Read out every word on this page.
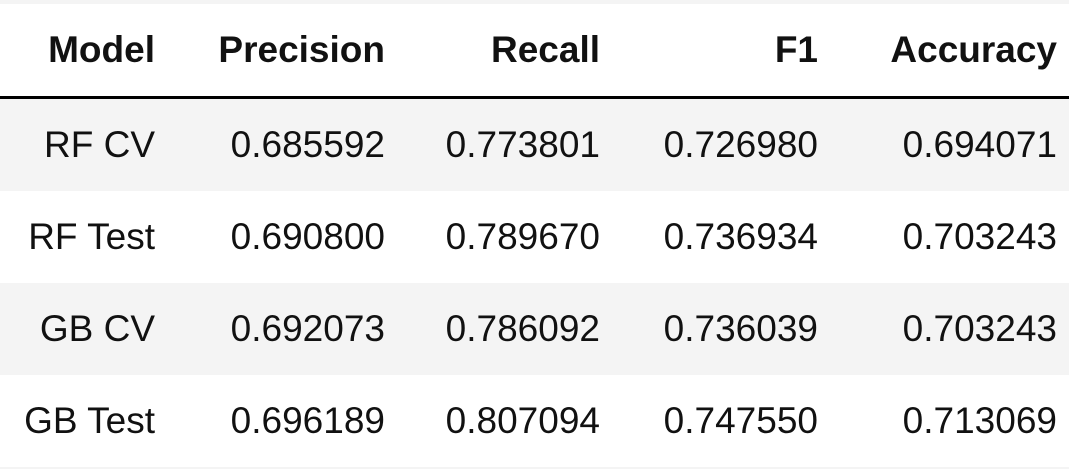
Model	Precision	Recall	F1	Accuracy
RF CV	0.685592	0.773801	0.726980	0.694071
RF Test	0.690800	0.789670	0.736934	0.703243
GB CV	0.692073	0.786092	0.736039	0.703243
GB Test	0.696189	0.807094	0.747550	0.713069
